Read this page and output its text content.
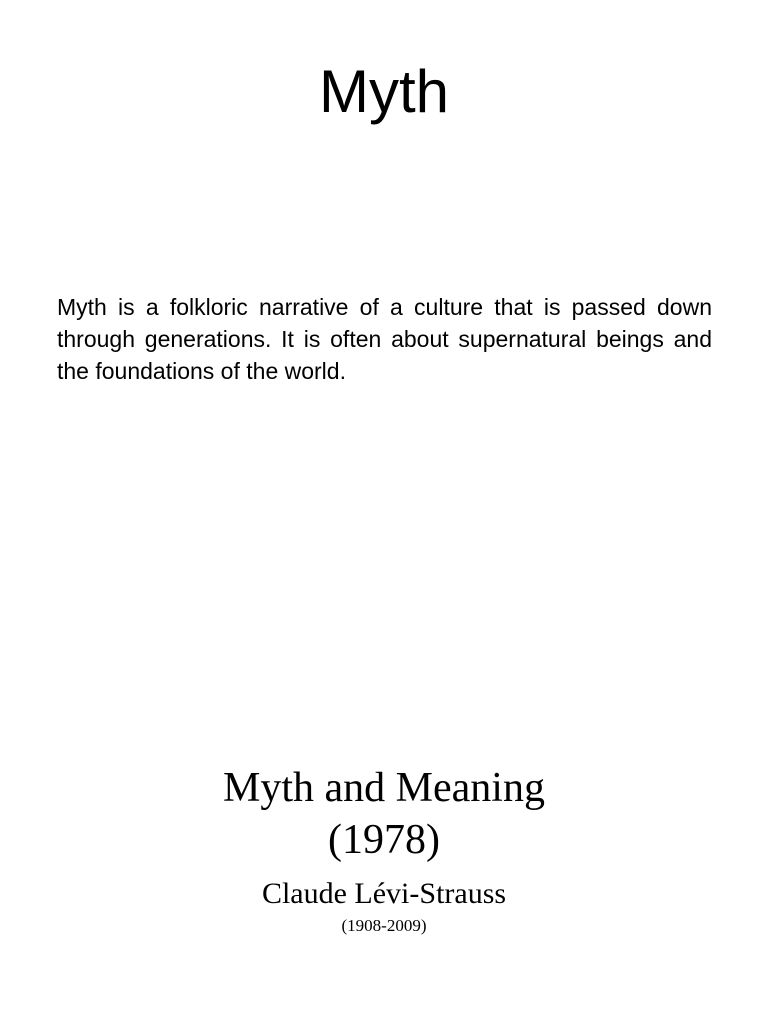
Myth

Myth is a folkloric narrative of a culture that is passed down through generations. It is often about supernatural beings and the foundations of the world.

Myth and Meaning

(1978)

Claude Lévi-Strauss

(1908-2009)
